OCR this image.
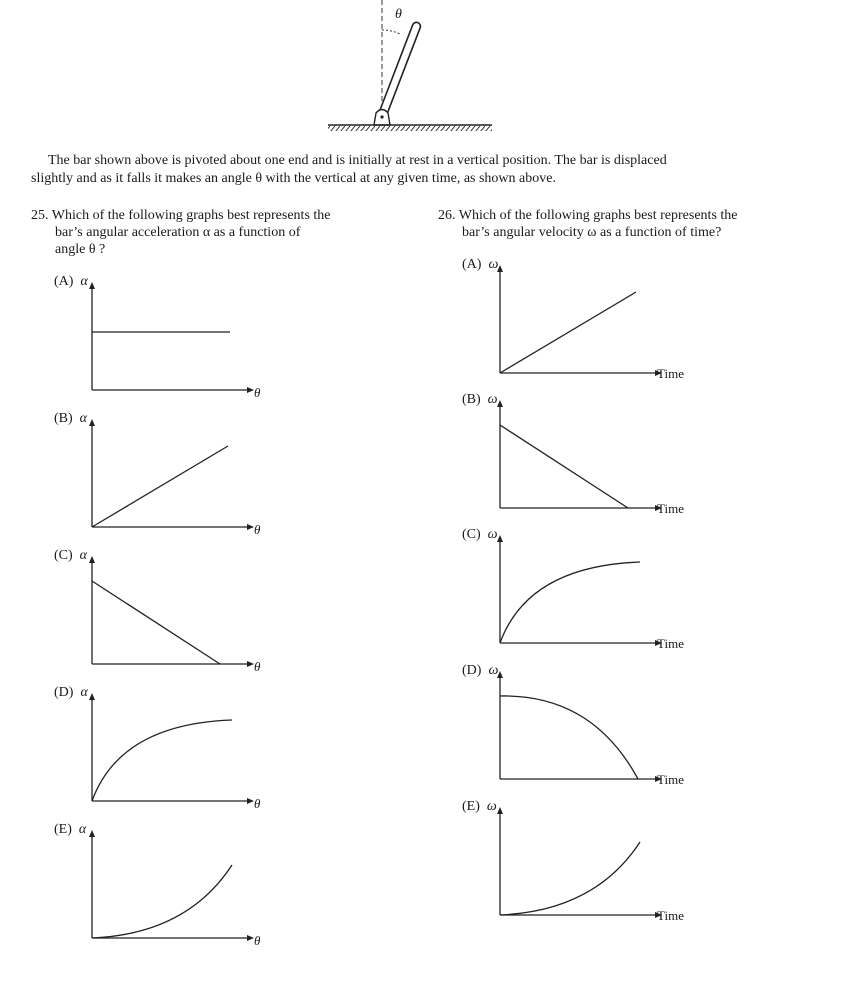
θ
The bar shown above is pivoted about one end and is initially at rest in a vertical position. The bar is displaced
slightly and as it falls it makes an angle θ with the vertical at any given time, as shown above.
25. Which of the following graphs best represents the
bar’s angular acceleration α as a function of
angle θ ?
26. Which of the following graphs best represents the
bar’s angular velocity ω as a function of time?
(A) α
θ
(B) α
θ
(C) α
θ
(D) α
θ
(E) α
θ
(A) ω
Time
(B) ω
Time
(C) ω
Time
(D) ω
Time
(E) ω
Time
